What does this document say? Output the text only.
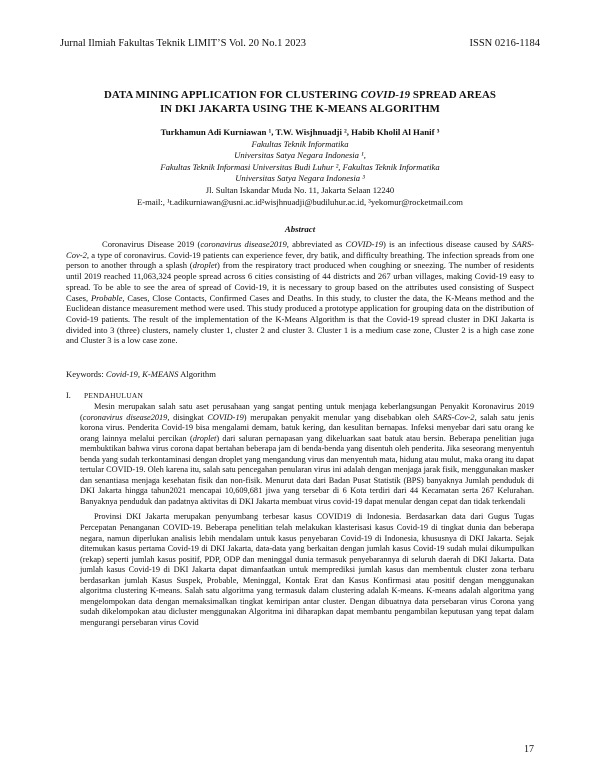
Jurnal Ilmiah Fakultas Teknik LIMIT’S Vol. 20 No.1 2023	ISSN 0216-1184
DATA MINING APPLICATION FOR CLUSTERING COVID-19 SPREAD AREAS
IN DKI JAKARTA USING THE K-MEANS ALGORITHM
Turkhamun Adi Kurniawan ¹, T.W. Wisjhnuadji ², Habib Kholil Al Hanif ³
Fakultas Teknik Informatika
Universitas Satya Negara Indonesia ¹,
Fakultas Teknik Informasi Universitas Budi Luhur ², Fakultas Teknik Informatika
Universitas Satya Negara Indonesia ³
Jl. Sultan Iskandar Muda No. 11, Jakarta Selaan 12240
E-mail:, ¹t.adikurniawan@usni.ac.id²wisjhnuadji@budiluhur.ac.id, ³yekomur@rocketmail.com
Abstract
Coronavirus Disease 2019 (coronavirus disease2019, abbreviated as COVID-19) is an infectious disease caused by SARS-Cov-2, a type of coronavirus. Covid-19 patients can experience fever, dry batik, and difficulty breathing. The infection spreads from one person to another through a splash (droplet) from the respiratory tract produced when coughing or sneezing. The number of residents until 2019 reached 11,063,324 people spread across 6 cities consisting of 44 districts and 267 urban villages, making Covid-19 easy to spread. To be able to see the area of spread of Covid-19, it is necessary to group based on the attributes used consisting of Suspect Cases, Probable, Cases, Close Contacts, Confirmed Cases and Deaths. In this study, to cluster the data, the K-Means method and the Euclidean distance measurement method were used. This study produced a prototype application for grouping data on the distribution of Covid-19 patients. The result of the implementation of the K-Means Algorithm is that the Covid-19 spread cluster in DKI Jakarta is divided into 3 (three) clusters, namely cluster 1, cluster 2 and cluster 3. Cluster 1 is a medium case zone, Cluster 2 is a high case zone and Cluster 3 is a low case zone.
Keywords: Covid-19, K-MEANS Algorithm
I. PENDAHULUAN

Mesin merupakan salah satu aset perusahaan yang sangat penting untuk menjaga keberlangsungan Penyakit Koronavirus 2019 (coronavirus disease2019, disingkat COVID-19) merupakan penyakit menular yang disebabkan oleh SARS-Cov-2, salah satu jenis korona virus. Penderita Covid-19 bisa mengalami demam, batuk kering, dan kesulitan bernapas. Infeksi menyebar dari satu orang ke orang lainnya melalui percikan (droplet) dari saluran pernapasan yang dikeluarkan saat batuk atau bersin. Beberapa penelitian juga membuktikan bahwa virus corona dapat bertahan beberapa jam di benda-benda yang disentuh oleh penderita. Jika seseorang menyentuh benda yang sudah terkontaminasi dengan droplet yang mengandung virus dan menyentuh mata, hidung atau mulut, maka orang itu dapat tertular COVID-19. Oleh karena itu, salah satu pencegahan penularan virus ini adalah dengan menjaga jarak fisik, menggunakan masker dan senantiasa menjaga kesehatan fisik dan non-fisik. Menurut data dari Badan Pusat Statistik (BPS) banyaknya Jumlah penduduk di DKI Jakarta hingga tahun2021 mencapai 10,609,681 jiwa yang tersebar di 6 Kota terdiri dari 44 Kecamatan serta 267 Kelurahan. Banyaknya penduduk dan padatnya aktivitas di DKI Jakarta membuat virus covid-19 dapat menular dengan cepat dan tidak terkendali

Provinsi DKI Jakarta merupakan penyumbang terbesar kasus COVID19 di Indonesia. Berdasarkan data dari Gugus Tugas Percepatan Penanganan COVID-19. Beberapa penelitian telah melakukan klasterisasi kasus Covid-19 di tingkat dunia dan beberapa negara, namun diperlukan analisis lebih mendalam untuk kasus penyebaran Covid-19 di Indonesia, khususnya di DKI Jakarta. Sejak ditemukan kasus pertama Covid-19 di DKI Jakarta, data-data yang berkaitan dengan jumlah kasus Covid-19 sudah mulai dikumpulkan (rekap) seperti jumlah kasus positif, PDP, ODP dan meninggal dunia termasuk penyebarannya di seluruh daerah di DKI Jakarta. Data jumlah kasus Covid-19 di DKI Jakarta dapat dimanfaatkan untuk memprediksi jumlah kasus dan membentuk cluster zona terbaru berdasarkan jumlah Kasus Suspek, Probable, Meninggal, Kontak Erat dan Kasus Konfirmasi atau positif dengan menggunakan algoritma clustering K-means. Salah satu algoritma yang termasuk dalam clustering adalah K-means. K-means adalah algoritma yang mengelompokan data dengan memaksimalkan tingkat kemiripan antar cluster. Dengan dibuatnya data persebaran virus Corona yang sudah dikelompokan atau dicluster menggunakan Algoritma ini diharapkan dapat membantu pengambilan keputusan yang tepat dalam mengurangi persebaran virus Covid

17
